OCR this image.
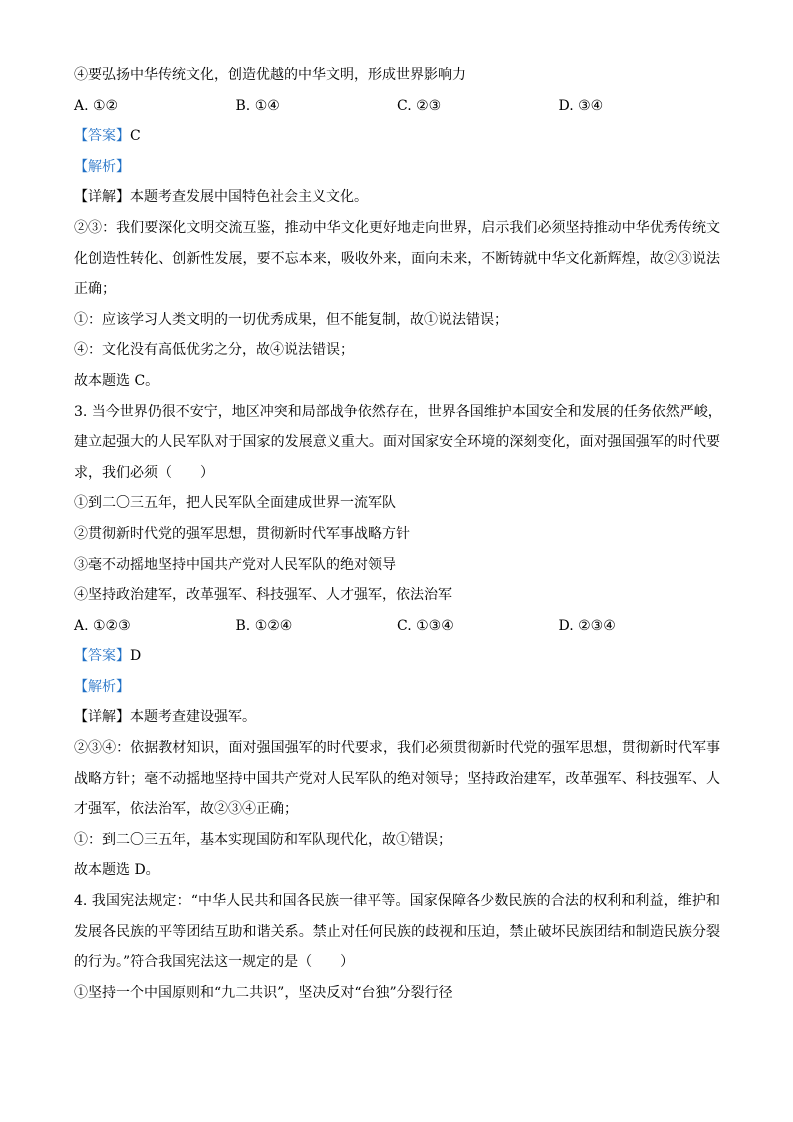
④要弘扬中华传统文化，创造优越的中华文明，形成世界影响力
A. ①②	B. ①④	C. ②③	D. ③④
【答案】C
【解析】
【详解】本题考查发展中国特色社会主义文化。
②③：我们要深化文明交流互鉴，推动中华文化更好地走向世界，启示我们必须坚持推动中华优秀传统文
化创造性转化、创新性发展，要不忘本来，吸收外来，面向未来，不断铸就中华文化新辉煌，故②③说法
正确；
①：应该学习人类文明的一切优秀成果，但不能复制，故①说法错误；
④：文化没有高低优劣之分，故④说法错误；
故本题选 C。
3. 当今世界仍很不安宁，地区冲突和局部战争依然存在，世界各国维护本国安全和发展的任务依然严峻，
建立起强大的人民军队对于国家的发展意义重大。面对国家安全环境的深刻变化，面对强国强军的时代要
求，我们必须（　　）
①到二〇三五年，把人民军队全面建成世界一流军队
②贯彻新时代党的强军思想，贯彻新时代军事战略方针
③毫不动摇地坚持中国共产党对人民军队的绝对领导
④坚持政治建军，改革强军、科技强军、人才强军，依法治军
A. ①②③	B. ①②④	C. ①③④	D. ②③④
【答案】D
【解析】
【详解】本题考查建设强军。
②③④：依据教材知识，面对强国强军的时代要求，我们必须贯彻新时代党的强军思想，贯彻新时代军事
战略方针；毫不动摇地坚持中国共产党对人民军队的绝对领导；坚持政治建军，改革强军、科技强军、人
才强军，依法治军，故②③④正确；
①：到二〇三五年，基本实现国防和军队现代化，故①错误；
故本题选 D。
4. 我国宪法规定：“中华人民共和国各民族一律平等。国家保障各少数民族的合法的权利和利益，维护和
发展各民族的平等团结互助和谐关系。禁止对任何民族的歧视和压迫，禁止破坏民族团结和制造民族分裂
的行为。”符合我国宪法这一规定的是（　　）
①坚持一个中国原则和“九二共识”，坚决反对“台独”分裂行径
